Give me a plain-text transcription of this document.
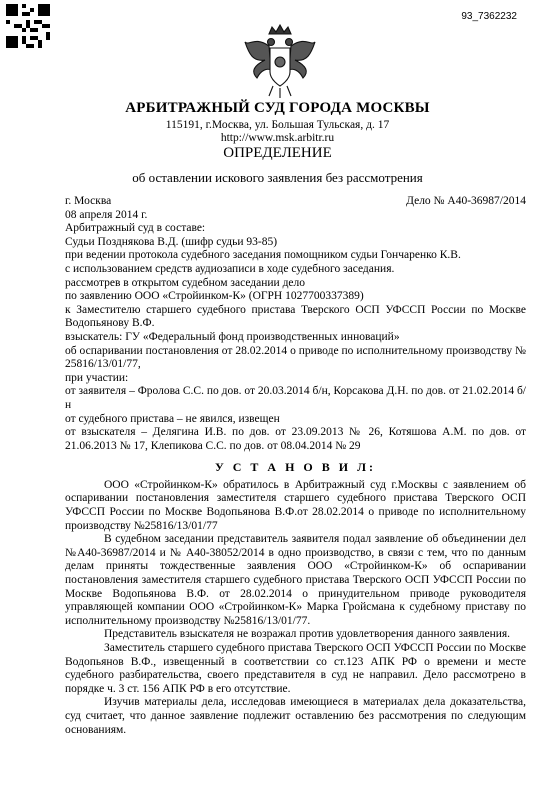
93_7362232
АРБИТРАЖНЫЙ СУД ГОРОДА МОСКВЫ
115191, г.Москва, ул. Большая Тульская, д. 17
http://www.msk.arbitr.ru
ОПРЕДЕЛЕНИЕ
об оставлении искового заявления без рассмотрения
г. Москва	Дело № А40-36987/2014
08 апреля 2014 г.
Арбитражный суд в составе:
Судьи Позднякова В.Д. (шифр судьи 93-85)
при ведении протокола судебного заседания помощником судьи Гончаренко К.В.
с использованием средств аудиозаписи в ходе судебного заседания.
рассмотрев в открытом судебном заседании дело
по заявлению ООО «Стройинком-К» (ОГРН 1027700337389)
к Заместителю старшего судебного пристава Тверского ОСП УФССП России по Москве Водопьянову В.Ф.
взыскатель: ГУ «Федеральный фонд производственных инноваций»
об оспаривании постановления от 28.02.2014 о приводе по исполнительному производству № 25816/13/01/77,
при участии:
от заявителя – Фролова С.С. по дов. от 20.03.2014 б/н, Корсакова Д.Н. по дов. от 21.02.2014 б/н
от судебного пристава – не явился, извещен
от взыскателя – Делягина И.В. по дов. от 23.09.2013 № 26, Котяшова А.М. по дов. от 21.06.2013 № 17, Клепикова С.С. по дов. от 08.04.2014 № 29
У С Т А Н О В И Л:
ООО «Стройинком-К» обратилось в Арбитражный суд г.Москвы с заявлением об оспаривании постановления заместителя старшего судебного пристава Тверского ОСП УФССП России по Москве Водопьянова В.Ф.от 28.02.2014 о приводе по исполнительному производству №25816/13/01/77
В судебном заседании представитель заявителя подал заявление об объединении дел №А40-36987/2014 и № А40-38052/2014 в одно производство, в связи с тем, что по данным делам приняты тождественные заявления ООО «Стройинком-К» об оспаривании постановления заместителя старшего судебного пристава Тверского ОСП УФССП России по Москве Водопьянова В.Ф. от 28.02.2014 о принудительном приводе руководителя управляющей компании ООО «Стройинком-К» Марка Гройсмана к судебному приставу по исполнительному производству №25816/13/01/77.
Представитель взыскателя не возражал против удовлетворения данного заявления.
Заместитель старшего судебного пристава Тверского ОСП УФССП России по Москве Водопьянов В.Ф., извещенный в соответствии со ст.123 АПК РФ о времени и месте судебного разбирательства, своего представителя в суд не направил. Дело рассмотрено в порядке ч. 3 ст. 156 АПК РФ в его отсутствие.
Изучив материалы дела, исследовав имеющиеся в материалах дела доказательства, суд считает, что данное заявление подлежит оставлению без рассмотрения по следующим основаниям.
